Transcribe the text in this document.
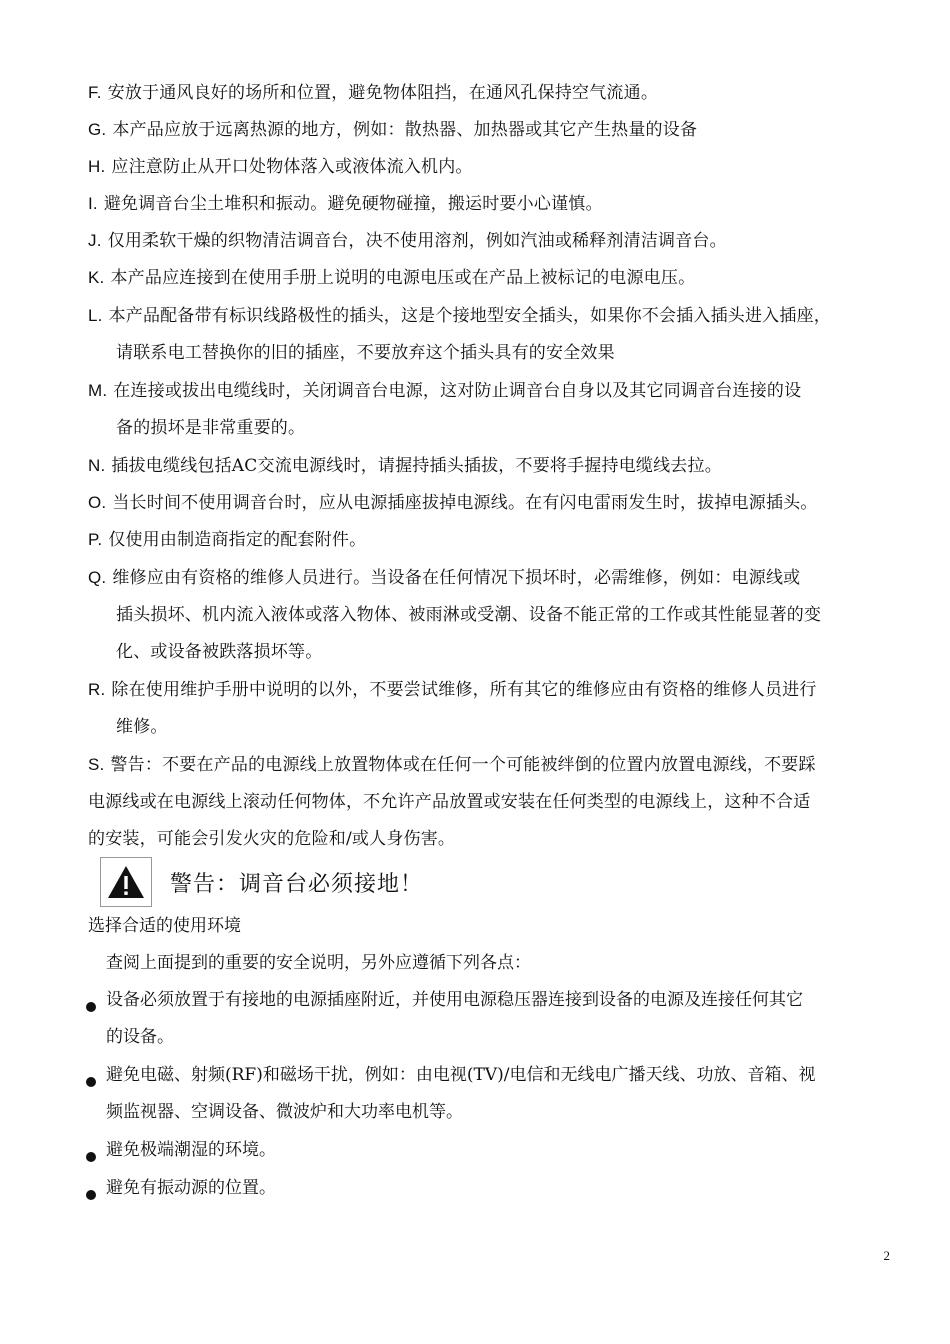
F. 安放于通风良好的场所和位置，避免物体阻挡，在通风孔保持空气流通。
G. 本产品应放于远离热源的地方，例如：散热器、加热器或其它产生热量的设备
H. 应注意防止从开口处物体落入或液体流入机内。
I. 避免调音台尘土堆积和振动。避免硬物碰撞，搬运时要小心谨慎。
J. 仅用柔软干燥的织物清洁调音台，决不使用溶剂，例如汽油或稀释剂清洁调音台。
K. 本产品应连接到在使用手册上说明的电源电压或在产品上被标记的电源电压。
L. 本产品配备带有标识线路极性的插头，这是个接地型安全插头，如果你不会插入插头进入插座，
请联系电工替换你的旧的插座，不要放弃这个插头具有的安全效果
M. 在连接或拔出电缆线时，关闭调音台电源，这对防止调音台自身以及其它同调音台连接的设
备的损坏是非常重要的。
N. 插拔电缆线包括AC交流电源线时，请握持插头插拔，不要将手握持电缆线去拉。
O. 当长时间不使用调音台时，应从电源插座拔掉电源线。在有闪电雷雨发生时，拔掉电源插头。
P. 仅使用由制造商指定的配套附件。
Q. 维修应由有资格的维修人员进行。当设备在任何情况下损坏时，必需维修，例如：电源线或
插头损坏、机内流入液体或落入物体、被雨淋或受潮、设备不能正常的工作或其性能显著的变
化、或设备被跌落损坏等。
R. 除在使用维护手册中说明的以外，不要尝试维修，所有其它的维修应由有资格的维修人员进行
维修。
S. 警告：不要在产品的电源线上放置物体或在任何一个可能被绊倒的位置内放置电源线，不要踩
电源线或在电源线上滚动任何物体，不允许产品放置或安装在任何类型的电源线上，这种不合适
的安装，可能会引发火灾的危险和/或人身伤害。
警告：调音台必须接地！
选择合适的使用环境
查阅上面提到的重要的安全说明，另外应遵循下列各点：
设备必须放置于有接地的电源插座附近，并使用电源稳压器连接到设备的电源及连接任何其它
的设备。
避免电磁、射频(RF)和磁场干扰，例如：由电视(TV)/电信和无线电广播天线、功放、音箱、视
频监视器、空调设备、微波炉和大功率电机等。
避免极端潮湿的环境。
避免有振动源的位置。
2
